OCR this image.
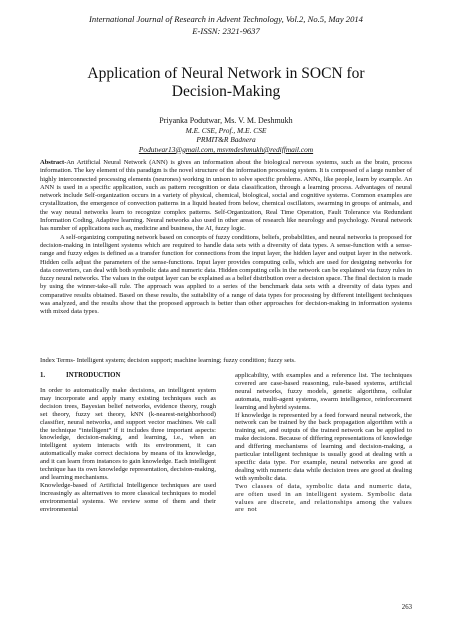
International Journal of Research in Advent Technology, Vol.2, No.5, May 2014
E-ISSN: 2321-9637
Application of Neural Network in SOCN for
Decision-Making
Priyanka Podutwar, Ms. V. M. Deshmukh
M.E. CSE, Prof., M.E. CSE
PRMIT&R Badnera
Podutwar13@gmail.com, msvmdeshmukh@rediffmail.com

Abstract-An Artificial Neural Network (ANN) is gives an information about the biological nervous systems, such as the brain, process information. The key element of this paradigm is the novel structure of the information processing system. It is composed of a large number of highly interconnected processing elements (neurones) working in unison to solve specific problems. ANNs, like people, learn by example. An ANN is used in a specific application, such as pattern recognition or data classification, through a learning process. Advantages of neural network include Self-organization occurs in a variety of physical, chemical, biological, social and cognitive systems. Common examples are crystallization, the emergence of convection patterns in a liquid heated from below, chemical oscillators, swarming in groups of animals, and the way neural networks learn to recognize complex patterns. Self-Organization, Real Time Operation, Fault Tolerance via Redundant Information Coding, Adaptive learning. Neural networks also used in other areas of research like neurology and psychology. Neural network has number of applications such as, medicine and business, the AI, fuzzy logic.

A self-organizing computing network based on concepts of fuzzy conditions, beliefs, probabilities, and neural networks is proposed for decision-making in intelligent systems which are required to handle data sets with a diversity of data types. A sense-function with a sense-range and fuzzy edges is defined as a transfer function for connections from the input layer, the hidden layer and output layer in the network. Hidden cells adjust the parameters of the sense-functions. Input layer provides computing cells, which are used for designing networks for data converters, can deal with both symbolic data and numeric data. Hidden computing cells in the network can be explained via fuzzy rules in fuzzy neural networks. The values in the output layer can be explained as a belief distribution over a decision space. The final decision is made by using the winner-take-all rule. The approach was applied to a series of the benchmark data sets with a diversity of data types and comparative results obtained. Based on these results, the suitability of a range of data types for processing by different intelligent techniques was analyzed, and the results show that the proposed approach is better than other approaches for decision-making in information systems with mixed data types.

Index Terms- Intelligent system; decision support; machine learning; fuzzy condition; fuzzy sets.

1.	INTRODUCTION

In order to automatically make decisions, an intelligent system may incorporate and apply many existing techniques such as decision trees, Bayesian belief networks, evidence theory, rough set theory, fuzzy set theory, kNN (k-nearest-neighborhood) classifier, neural networks, and support vector machines. We call the technique “intelligent” if it includes three important aspects: knowledge, decision-making, and learning, i.e., when an intelligent system interacts with its environment, it can automatically make correct decisions by means of its knowledge, and it can learn from instances to gain knowledge. Each intelligent technique has its own knowledge representation, decision-making, and learning mechanisms.

Knowledge-based of Artificial Intelligence techniques are used increasingly as alternatives to more classical techniques to model environmental systems. We review some of them and their environmental

applicability, with examples and a reference list. The techniques covered are case-based reasoning, rule-based systems, artificial neural networks, fuzzy models, genetic algorithms, cellular automata, multi-agent systems, swarm intelligence, reinforcement learning and hybrid systems.

If knowledge is represented by a feed forward neural network, the network can be trained by the back propagation algorithm with a training set, and outputs of the trained network can be applied to make decisions. Because of differing representations of knowledge and differing mechanisms of learning and decision-making, a particular intelligent technique is usually good at dealing with a specific data type. For example, neural networks are good at dealing with numeric data while decision trees are good at dealing with symbolic data.

Two classes of data, symbolic data and numeric data, are often used in an intelligent system. Symbolic data values are discrete, and relationships among the values are not

263
